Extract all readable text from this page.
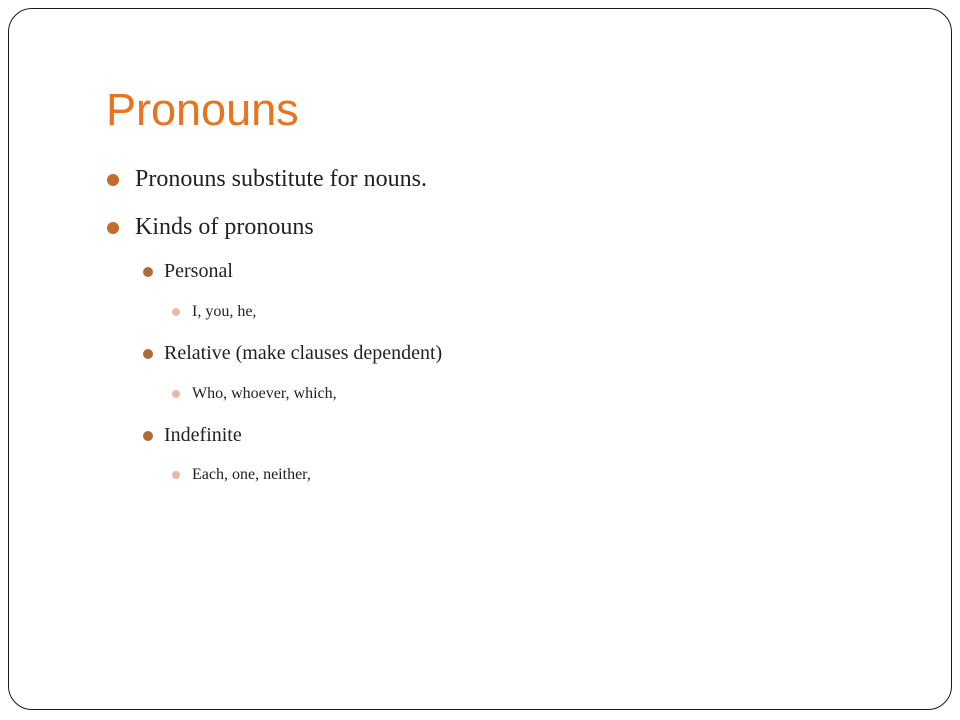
Pronouns
Pronouns substitute for nouns.
Kinds of pronouns
Personal
I, you, he,
Relative (make clauses dependent)
Who, whoever, which,
Indefinite
Each, one, neither,
